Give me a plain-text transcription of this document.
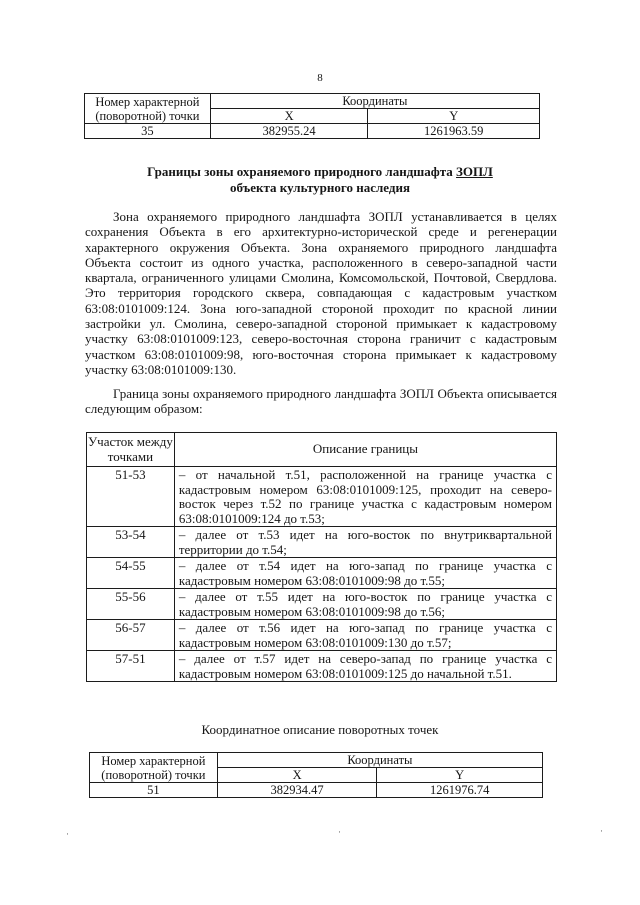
8
Номер характерной (поворотной) точки	Координаты	
	X	Y
35	382955.24	1261963.59
Границы зоны охраняемого природного ландшафта ЗОПЛ
объекта культурного наследия

Зона охраняемого природного ландшафта ЗОПЛ устанавливается в целях сохранения Объекта в его архитектурно-исторической среде и регенерации характерного окружения Объекта. Зона охраняемого природного ландшафта Объекта состоит из одного участка, расположенного в северо-западной части квартала, ограниченного улицами Смолина, Комсомольской, Почтовой, Свердлова. Это территория городского сквера, совпадающая с кадастровым участком 63:08:0101009:124. Зона юго-западной стороной проходит по красной линии застройки ул. Смолина, северо-западной стороной примыкает к кадастровому участку 63:08:0101009:123, северо-восточная сторона граничит с кадастровым участком 63:08:0101009:98, юго-восточная сторона примыкает к кадастровому участку 63:08:0101009:130.

Граница зоны охраняемого природного ландшафта ЗОПЛ Объекта описывается следующим образом:

Участок между точками	Описание границы
51-53	– от начальной т.51, расположенной на границе участка с кадастровым номером 63:08:0101009:125, проходит на северо-восток через т.52 по границе участка с кадастровым номером 63:08:0101009:124 до т.53;
53-54	– далее от т.53 идет на юго-восток по внутриквартальной территории до т.54;
54-55	– далее от т.54 идет на юго-запад по границе участка с кадастровым номером 63:08:0101009:98 до т.55;
55-56	– далее от т.55 идет на юго-восток по границе участка с кадастровым номером 63:08:0101009:98 до т.56;
56-57	– далее от т.56 идет на юго-запад по границе участка с кадастровым номером 63:08:0101009:130 до т.57;
57-51	– далее от т.57 идет на северо-запад по границе участка с кадастровым номером 63:08:0101009:125 до начальной т.51.
Координатное описание поворотных точек
Номер характерной (поворотной) точки	Координаты	
	X	Y
51	382934.47	1261976.74
·	·	·
